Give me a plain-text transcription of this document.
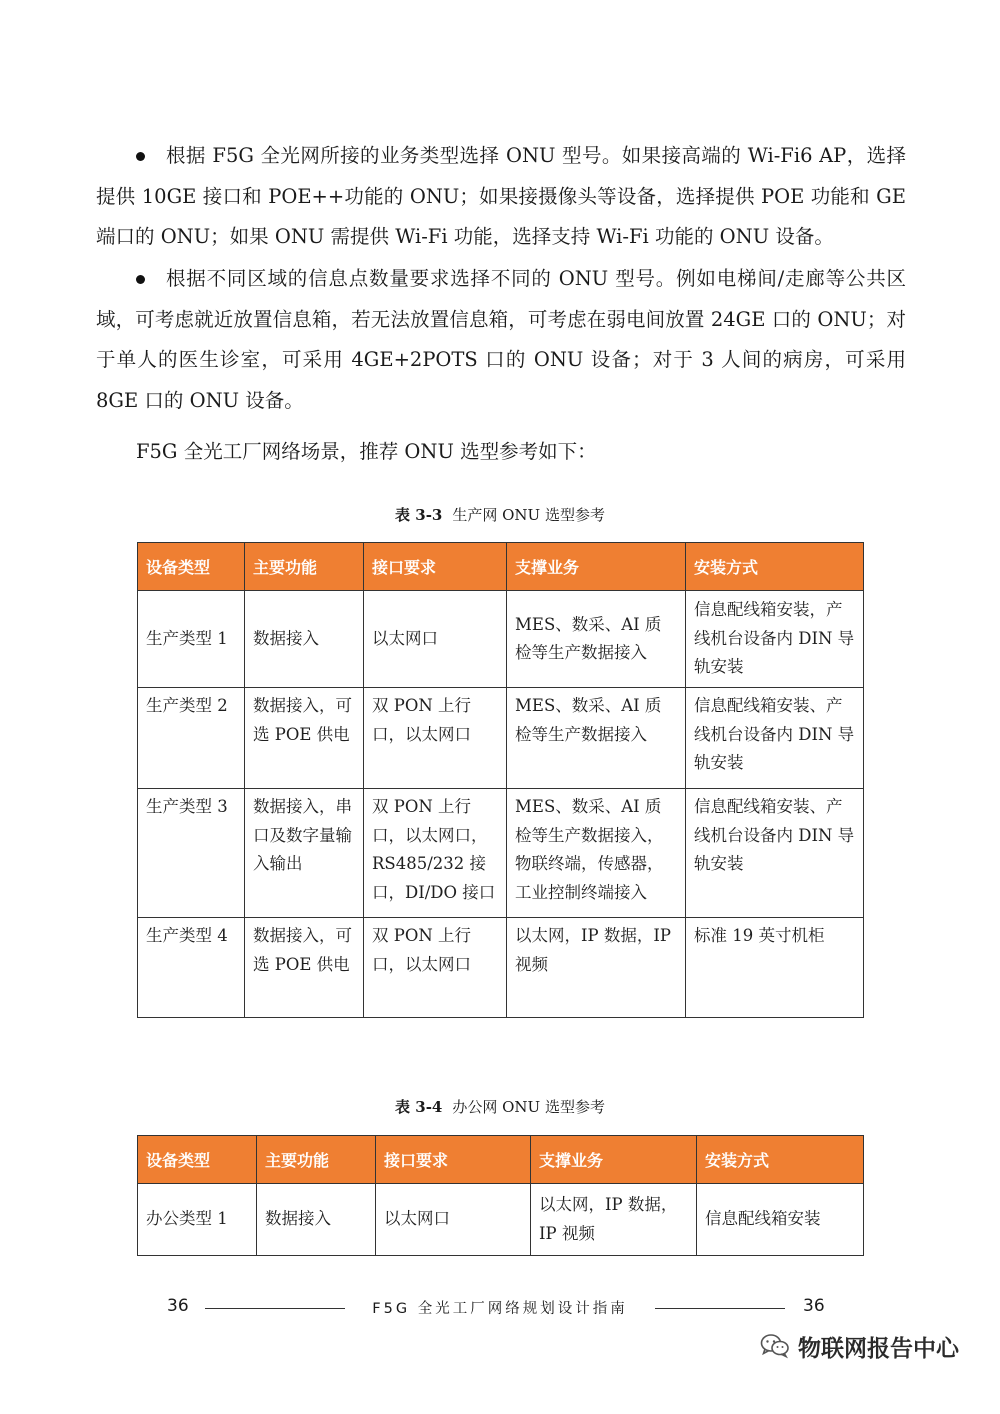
根据 F5G 全光网所接的业务类型选择 ONU 型号。如果接高端的 Wi-Fi6 AP，选择提供 10GE 接口和 POE++功能的 ONU；如果接摄像头等设备，选择提供 POE 功能和 GE 端口的 ONU；如果 ONU 需提供 Wi-Fi 功能，选择支持 Wi-Fi 功能的 ONU 设备。

根据不同区域的信息点数量要求选择不同的 ONU 型号。例如电梯间/走廊等公共区域，可考虑就近放置信息箱，若无法放置信息箱，可考虑在弱电间放置 24GE 口的 ONU；对于单人的医生诊室，可采用 4GE+2POTS 口的 ONU 设备；对于 3 人间的病房，可采用 8GE 口的 ONU 设备。

F5G 全光工厂网络场景，推荐 ONU 选型参考如下：
表 3-3 生产网 ONU 选型参考
设备类型	主要功能	接口要求	支撑业务	安装方式
生产类型 1	数据接入	以太网口	MES、数采、AI 质检等生产数据接入	信息配线箱安装，产线机台设备内 DIN 导轨安装
生产类型 2	数据接入，可选 POE 供电	双 PON 上行口，以太网口	MES、数采、AI 质检等生产数据接入	信息配线箱安装、产线机台设备内 DIN 导轨安装
生产类型 3	数据接入，串口及数字量输入输出	双 PON 上行口，以太网口，RS485/232 接口，DI/DO 接口	MES、数采、AI 质检等生产数据接入，物联终端，传感器，工业控制终端接入	信息配线箱安装、产线机台设备内 DIN 导轨安装
生产类型 4	数据接入，可选 POE 供电	双 PON 上行口，以太网口	以太网，IP 数据，IP 视频	标准 19 英寸机柜
表 3-4 办公网 ONU 选型参考
设备类型	主要功能	接口要求	支撑业务	安装方式
办公类型 1	数据接入	以太网口	以太网，IP 数据，IP 视频	信息配线箱安装
36	F5G 全光工厂网络规划设计指南	36
物联网报告中心
